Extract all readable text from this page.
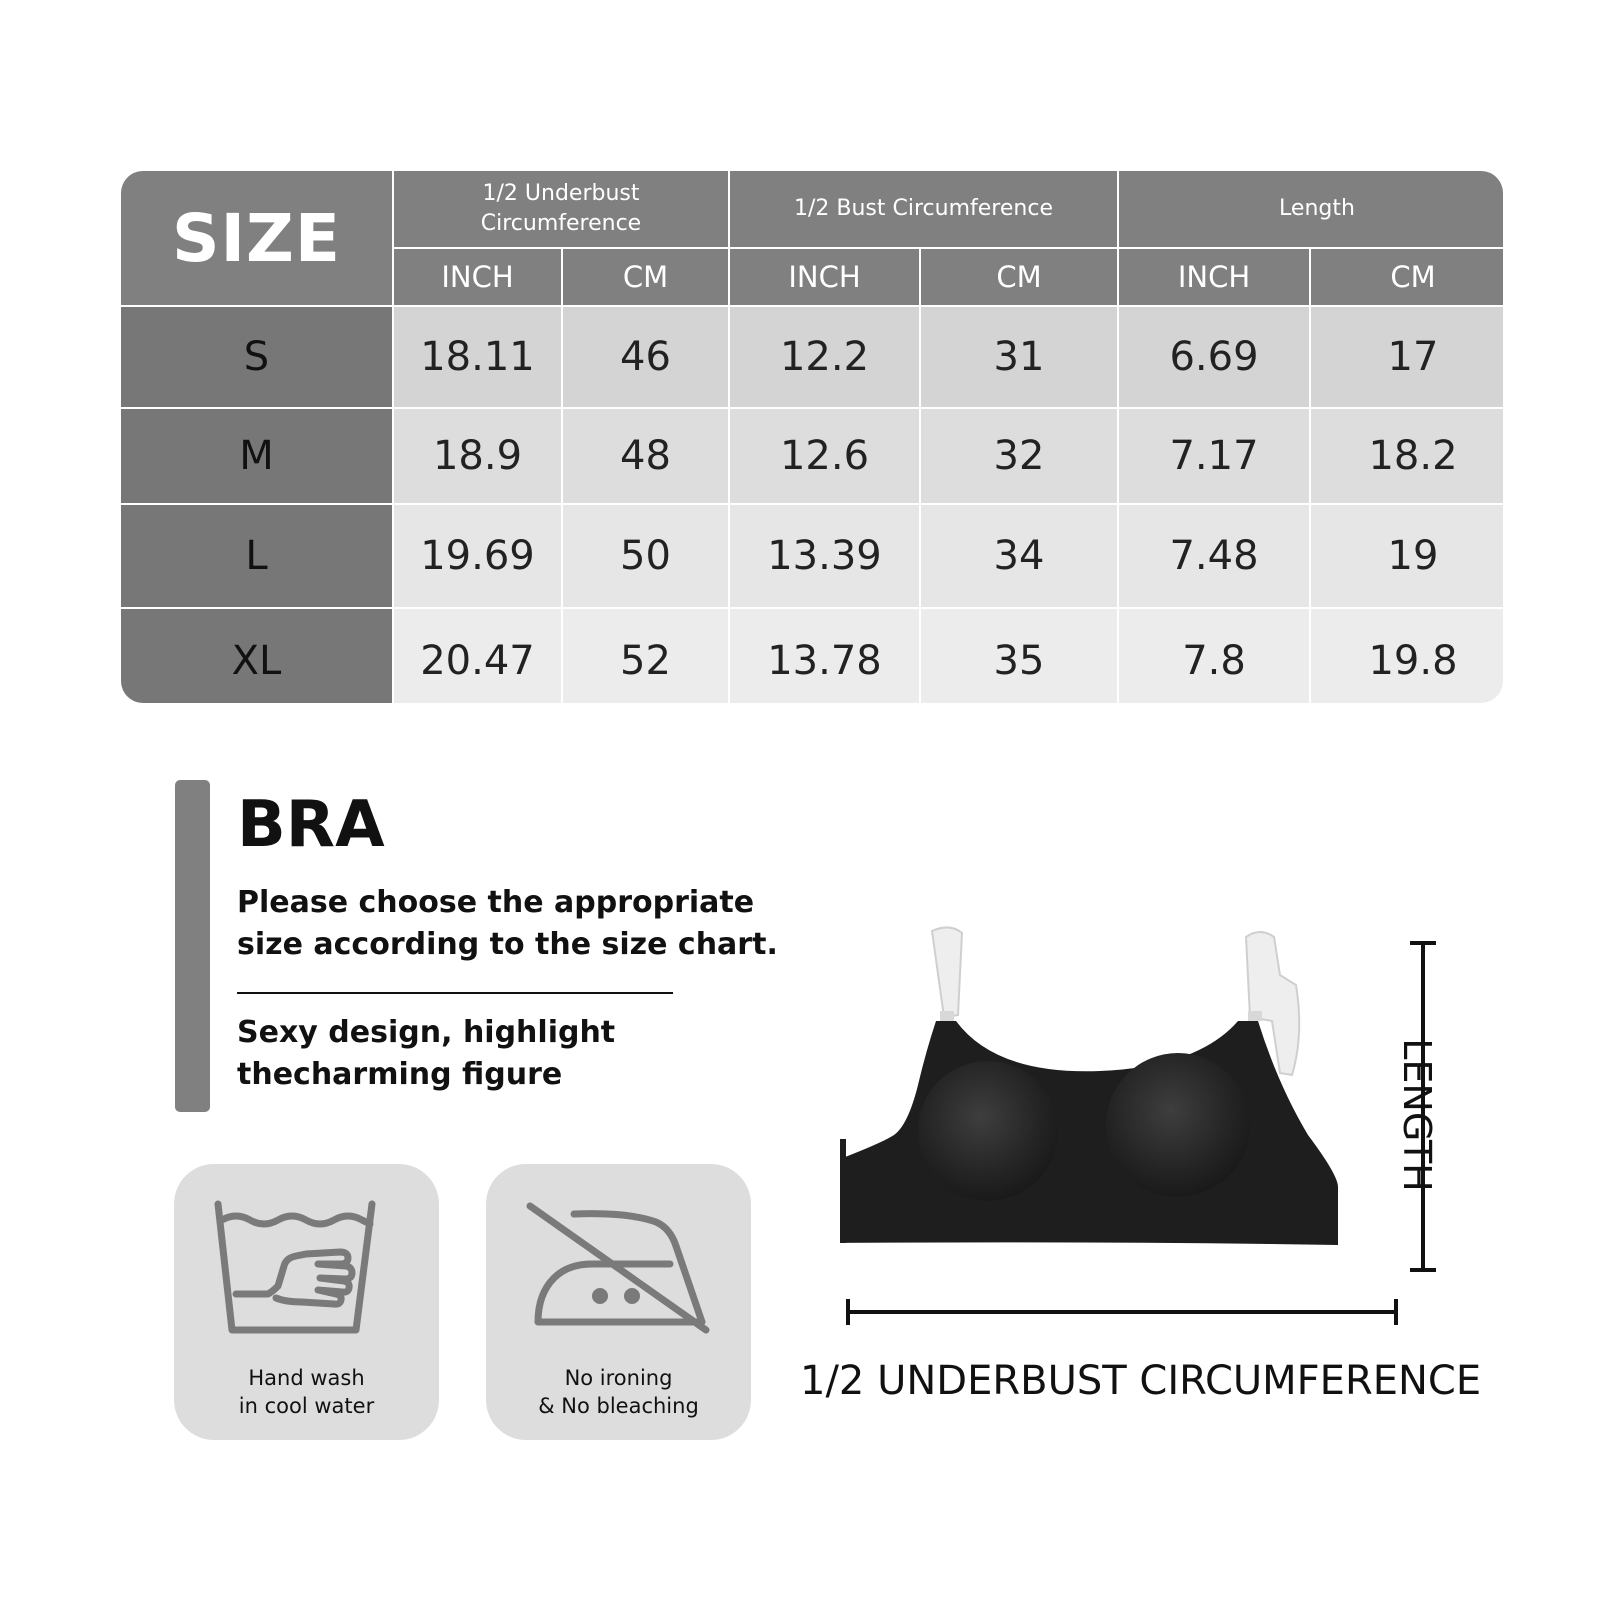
SIZE
1/2 Underbust
Circumference
1/2 Bust Circumference	Length
INCH	CM	INCH	CM	INCH	CM
S	18.11	46	12.2	31	6.69	17
M	18.9	48	12.6	32	7.17	18.2
L	19.69	50	13.39	34	7.48	19
XL	20.47	52	13.78	35	7.8	19.8
BRA
Please choose the appropriate size according to the size chart.
Sexy design, highlight thecharming figure
Hand wash
in cool water
No ironing
& No bleaching
LENGTH
1/2 UNDERBUST CIRCUMFERENCE
